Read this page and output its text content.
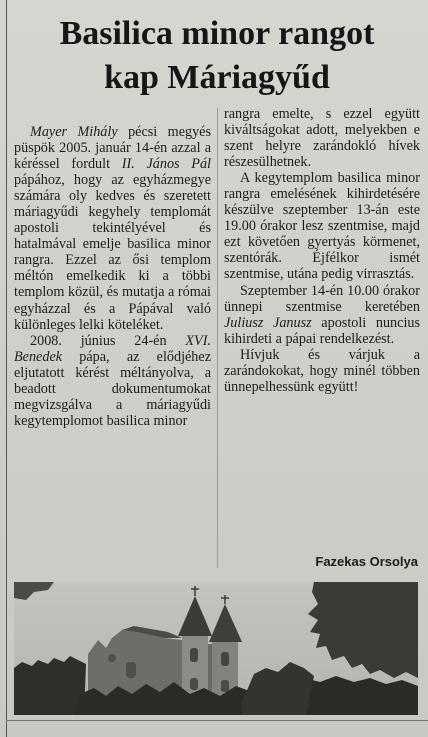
Basilica minor rangot
kap Máriagyűd

Mayer Mihály pécsi megyés püspök 2005. január 14-én azzal a kéréssel fordult II. János Pál pápához, hogy az egyházmegye számára oly kedves és szeretett máriagyűdi kegyhely templomát apostoli tekintélyével és hatalmával emelje basilica minor rangra. Ezzel az ősi templom méltón emelkedik ki a többi templom közül, és mutatja a római egyházzal és a Pápával való különleges lelki köteléket.

2008. június 24-én XVI. Benedek pápa, az elődjéhez eljutatott kérést méltányolva, a beadott dokumentumokat megvizsgálva a máriagyűdi kegytemplomot basilica minor

rangra emelte, s ezzel együtt kiváltságokat adott, melyekben e szent helyre zarándokló hívek részesülhetnek.

A kegytemplom basilica minor rangra emelésének kihirdetésére készülve szeptember 13-án este 19.00 órakor lesz szentmise, majd ezt követően gyertyás körmenet, szentórák. Éjfélkor ismét szentmise, utána pedig virrasztás.

Szeptember 14-én 10.00 órakor ünnepi szentmise keretében Juliusz Janusz apostoli nuncius kihirdeti a pápai rendelkezést.

Hívjuk és várjuk a zarándokokat, hogy minél többen ünnepelhessünk együtt!

Fazekas Orsolya
